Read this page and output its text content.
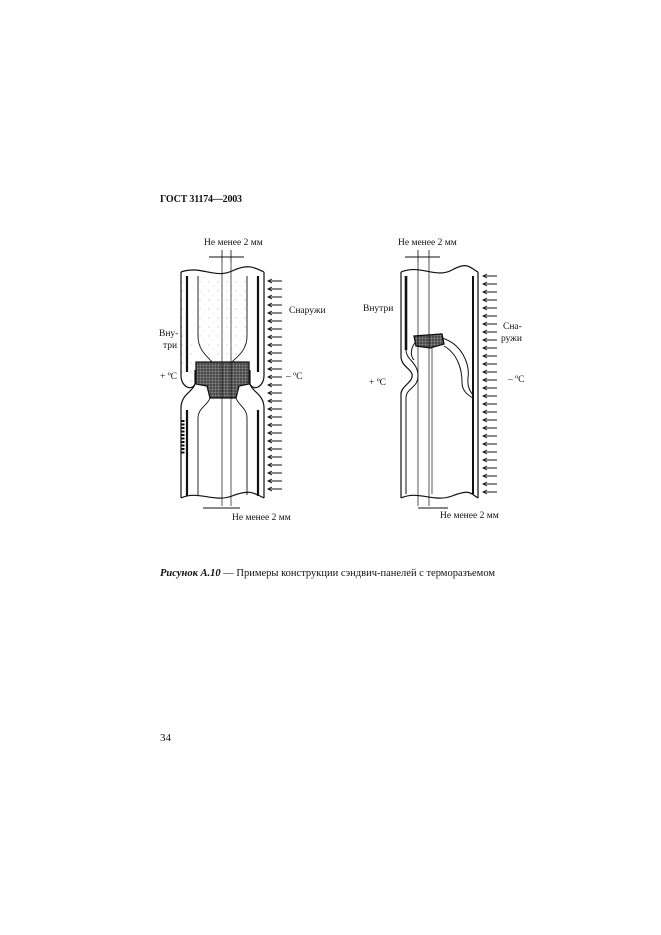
ГОСТ 31174—2003
Не менее 2 мм
Вну-
три
Снаружи
+ ºC	– ºC
Не менее 2 мм
Не менее 2 мм
Внутри
Сна-
ружи
+ ºC	– ºC
Не менее 2 мм
Рисунок А.10 — Примеры конструкции сэндвич-панелей с терморазъемом
34
